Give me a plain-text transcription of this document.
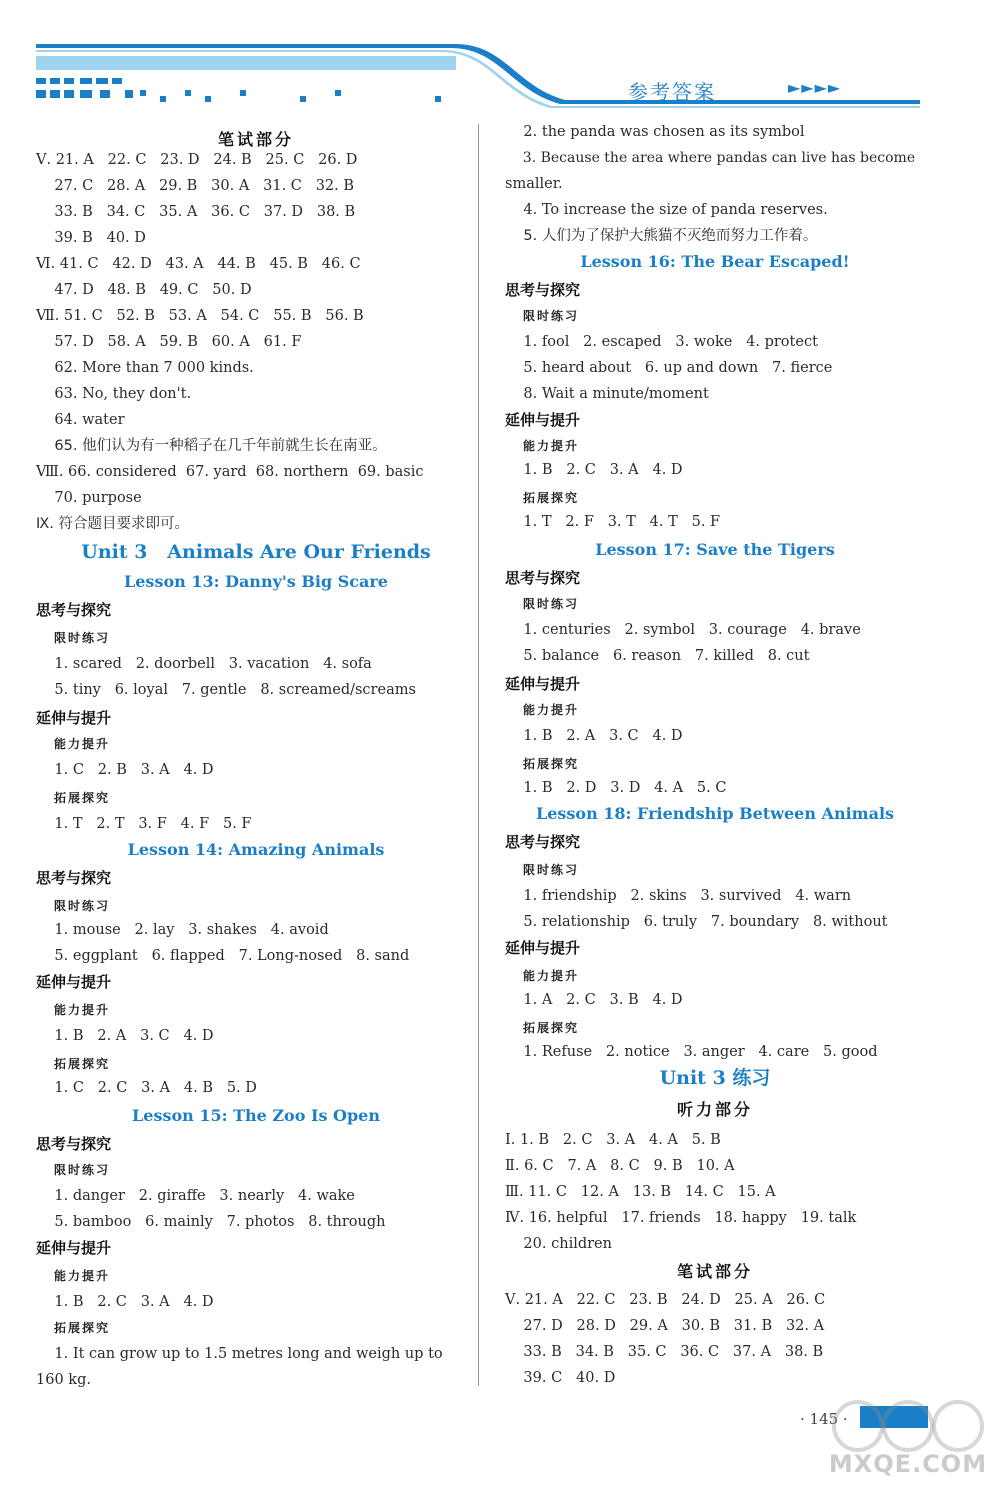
参考答案	►►►►
笔试部分
Ⅴ. 21. A   22. C   23. D   24. B   25. C   26. D
27. C   28. A   29. B   30. A   31. C   32. B
33. B   34. C   35. A   36. C   37. D   38. B
39. B   40. D
Ⅵ. 41. C   42. D   43. A   44. B   45. B   46. C
47. D   48. B   49. C   50. D
Ⅶ. 51. C   52. B   53. A   54. C   55. B   56. B
57. D   58. A   59. B   60. A   61. F
62. More than 7 000 kinds.
63. No, they don't.
64. water
65. 他们认为有一种稻子在几千年前就生长在南亚。
Ⅷ. 66. considered  67. yard  68. northern  69. basic
70. purpose
Ⅸ. 符合题目要求即可。
Unit 3   Animals Are Our Friends
Lesson 13: Danny's Big Scare
思考与探究
限时练习
1. scared   2. doorbell   3. vacation   4. sofa
5. tiny   6. loyal   7. gentle   8. screamed/screams
延伸与提升
能力提升
1. C   2. B   3. A   4. D
拓展探究
1. T   2. T   3. F   4. F   5. F
Lesson 14: Amazing Animals
思考与探究
限时练习
1. mouse   2. lay   3. shakes   4. avoid
5. eggplant   6. flapped   7. Long-nosed   8. sand
延伸与提升
能力提升
1. B   2. A   3. C   4. D
拓展探究
1. C   2. C   3. A   4. B   5. D
Lesson 15: The Zoo Is Open
思考与探究
限时练习
1. danger   2. giraffe   3. nearly   4. wake
5. bamboo   6. mainly   7. photos   8. through
延伸与提升
能力提升
1. B   2. C   3. A   4. D
拓展探究
1. It can grow up to 1.5 metres long and weigh up to
160 kg.
2. the panda was chosen as its symbol
3. Because the area where pandas can live has become
smaller.
4. To increase the size of panda reserves.
5. 人们为了保护大熊猫不灭绝而努力工作着。
Lesson 16: The Bear Escaped!
思考与探究
限时练习
1. fool   2. escaped   3. woke   4. protect
5. heard about   6. up and down   7. fierce
8. Wait a minute/moment
延伸与提升
能力提升
1. B   2. C   3. A   4. D
拓展探究
1. T   2. F   3. T   4. T   5. F
Lesson 17: Save the Tigers
思考与探究
限时练习
1. centuries   2. symbol   3. courage   4. brave
5. balance   6. reason   7. killed   8. cut
延伸与提升
能力提升
1. B   2. A   3. C   4. D
拓展探究
1. B   2. D   3. D   4. A   5. C
Lesson 18: Friendship Between Animals
思考与探究
限时练习
1. friendship   2. skins   3. survived   4. warn
5. relationship   6. truly   7. boundary   8. without
延伸与提升
能力提升
1. A   2. C   3. B   4. D
拓展探究
1. Refuse   2. notice   3. anger   4. care   5. good
Unit 3 练习
听力部分
Ⅰ. 1. B   2. C   3. A   4. A   5. B
Ⅱ. 6. C   7. A   8. C   9. B   10. A
Ⅲ. 11. C   12. A   13. B   14. C   15. A
Ⅳ. 16. helpful   17. friends   18. happy   19. talk
20. children
笔试部分
Ⅴ. 21. A   22. C   23. B   24. D   25. A   26. C
27. D   28. D   29. A   30. B   31. B   32. A
33. B   34. B   35. C   36. C   37. A   38. B
39. C   40. D
· 145 ·
MXQE.COM
